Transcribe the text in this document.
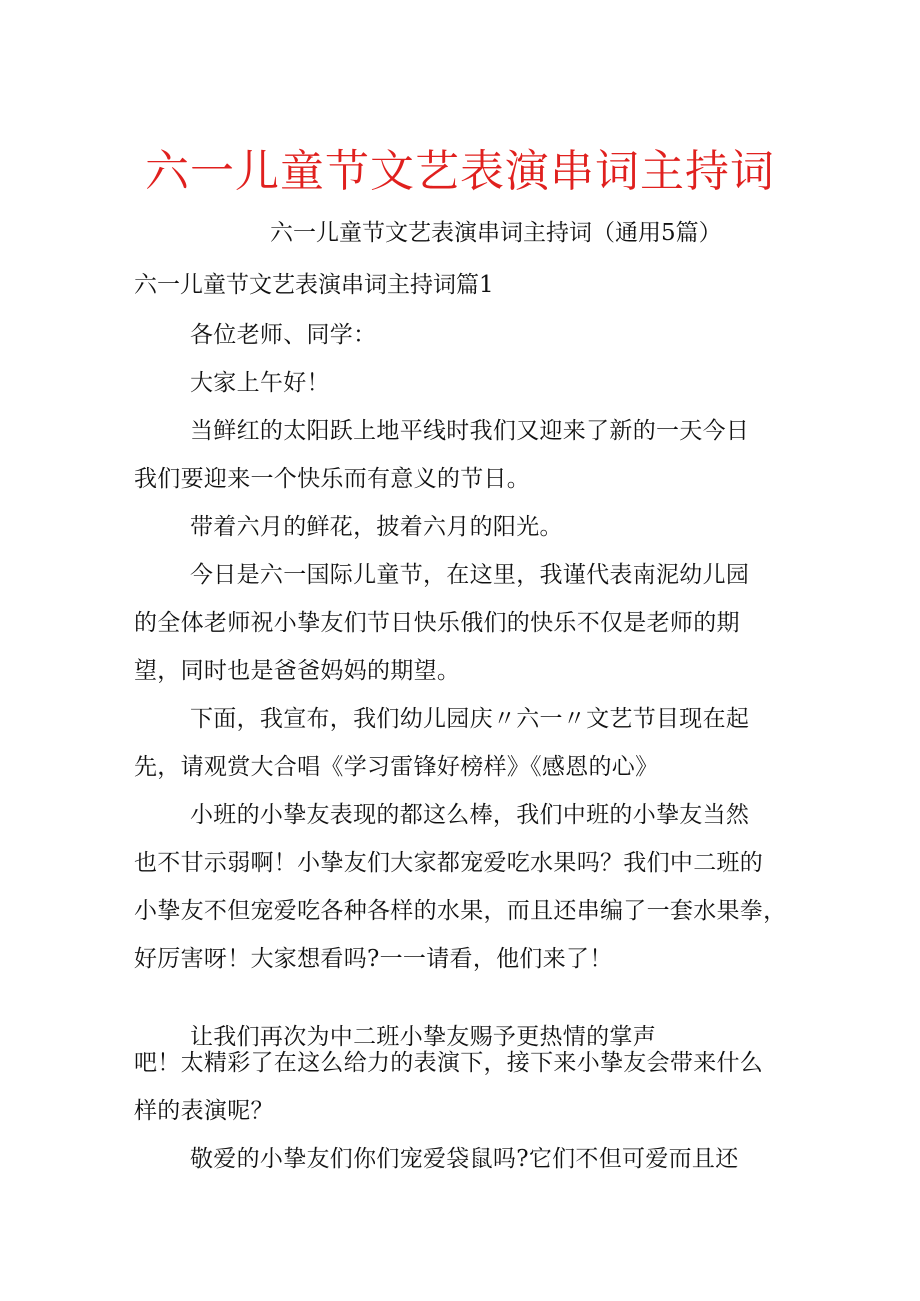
六一儿童节文艺表演串词主持词
六一儿童节文艺表演串词主持词（通用5篇）
六一儿童节文艺表演串词主持词篇1
各位老师、同学：
大家上午好！
当鲜红的太阳跃上地平线时我们又迎来了新的一天今日
我们要迎来一个快乐而有意义的节日。
带着六月的鲜花，披着六月的阳光。
今日是六一国际儿童节，在这里，我谨代表南泥幼儿园
的全体老师祝小挚友们节日快乐俄们的快乐不仅是老师的期
望，同时也是爸爸妈妈的期望。
下面，我宣布，我们幼儿园庆〃六一〃文艺节目现在起
先，请观赏大合唱《学习雷锋好榜样》《感恩的心》
小班的小挚友表现的都这么棒，我们中班的小挚友当然
也不甘示弱啊！小挚友们大家都宠爱吃水果吗？我们中二班的
小挚友不但宠爱吃各种各样的水果，而且还串编了一套水果拳，
好厉害呀！大家想看吗?一一请看，他们来了！
让我们再次为中二班小挚友赐予更热情的掌声
吧！太精彩了在这么给力的表演下，接下来小挚友会带来什么
样的表演呢？
敬爱的小挚友们你们宠爱袋鼠吗?它们不但可爱而且还
